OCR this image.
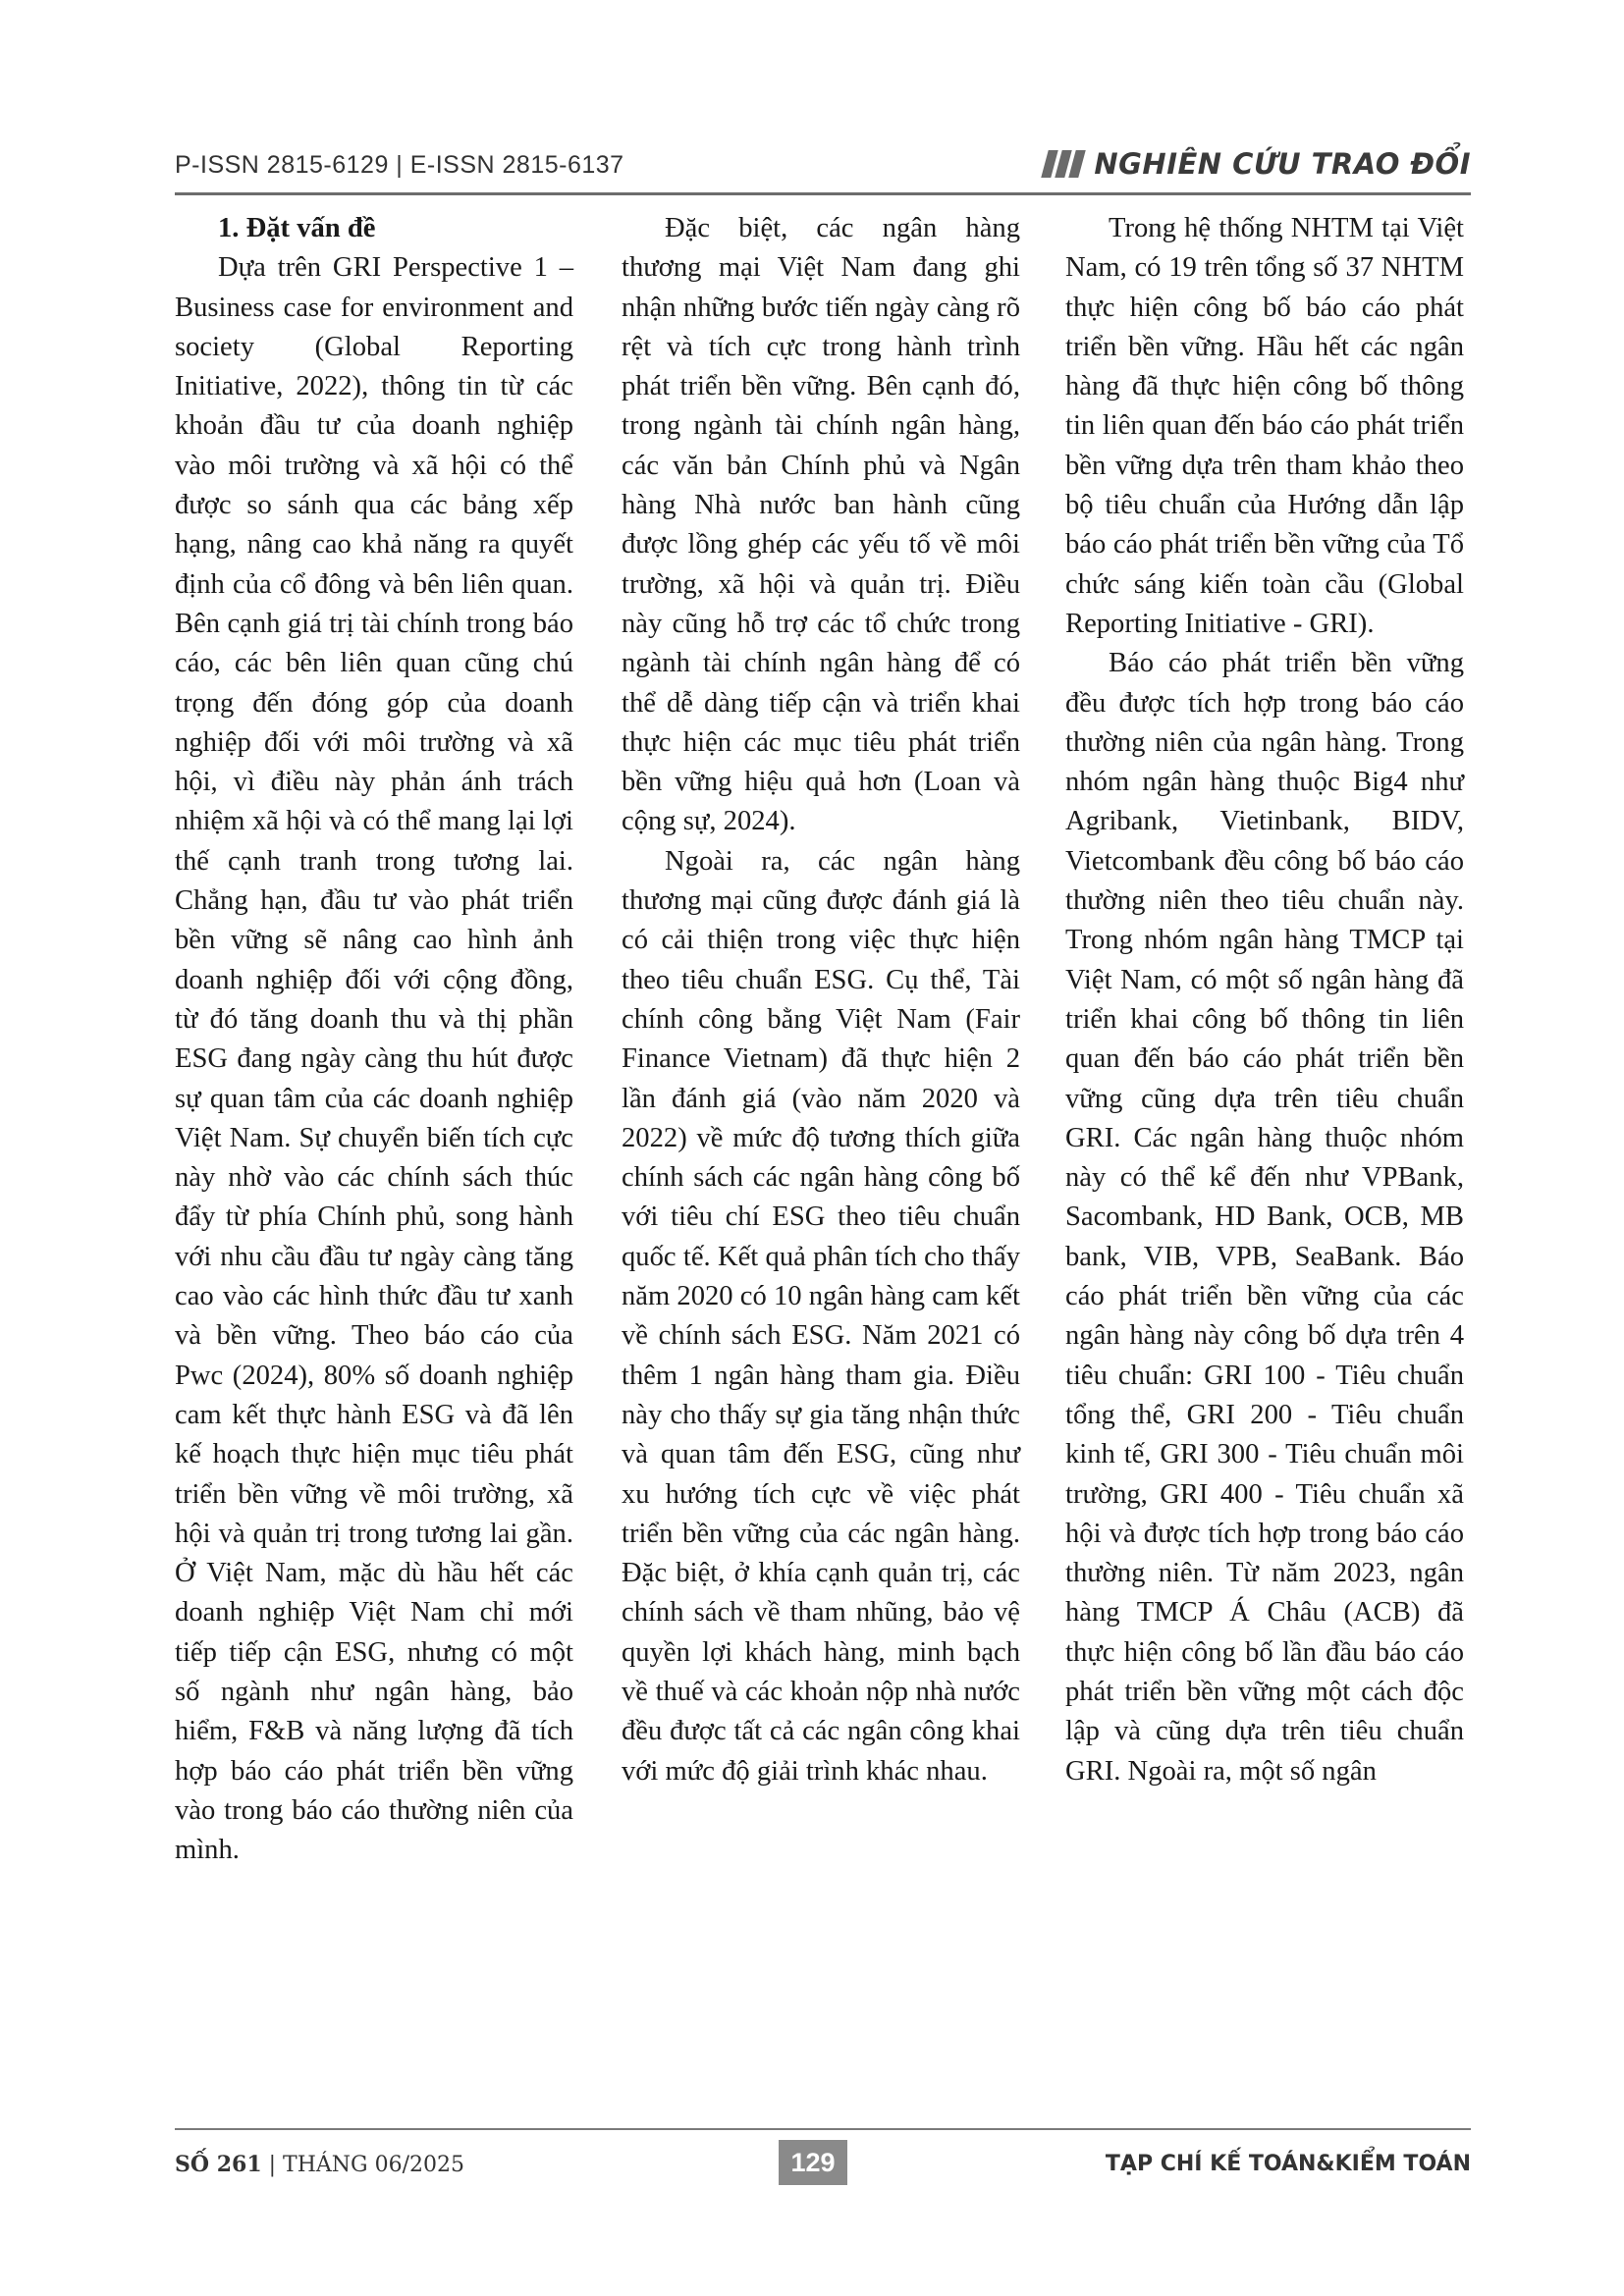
P-ISSN 2815-6129 | E-ISSN 2815-6137	NGHIÊN CỨU TRAO ĐỔI
1. Đặt vấn đề

Dựa trên GRI Perspective 1 – Business case for environment and society (Global Reporting Initiative, 2022), thông tin từ các khoản đầu tư của doanh nghiệp vào môi trường và xã hội có thể được so sánh qua các bảng xếp hạng, nâng cao khả năng ra quyết định của cổ đông và bên liên quan. Bên cạnh giá trị tài chính trong báo cáo, các bên liên quan cũng chú trọng đến đóng góp của doanh nghiệp đối với môi trường và xã hội, vì điều này phản ánh trách nhiệm xã hội và có thể mang lại lợi thế cạnh tranh trong tương lai. Chẳng hạn, đầu tư vào phát triển bền vững sẽ nâng cao hình ảnh doanh nghiệp đối với cộng đồng, từ đó tăng doanh thu và thị phần ESG đang ngày càng thu hút được sự quan tâm của các doanh nghiệp Việt Nam. Sự chuyển biến tích cực này nhờ vào các chính sách thúc đẩy từ phía Chính phủ, song hành với nhu cầu đầu tư ngày càng tăng cao vào các hình thức đầu tư xanh và bền vững. Theo báo cáo của Pwc (2024), 80% số doanh nghiệp cam kết thực hành ESG và đã lên kế hoạch thực hiện mục tiêu phát triển bền vững về môi trường, xã hội và quản trị trong tương lai gần. Ở Việt Nam, mặc dù hầu hết các doanh nghiệp Việt Nam chỉ mới tiếp tiếp cận ESG, nhưng có một số ngành như ngân hàng, bảo hiểm, F&B và năng lượng đã tích hợp báo cáo phát triển bền vững vào trong báo cáo thường niên của mình.

Đặc biệt, các ngân hàng thương mại Việt Nam đang ghi nhận những bước tiến ngày càng rõ rệt và tích cực trong hành trình phát triển bền vững. Bên cạnh đó, trong ngành tài chính ngân hàng, các văn bản Chính phủ và Ngân hàng Nhà nước ban hành cũng được lồng ghép các yếu tố về môi trường, xã hội và quản trị. Điều này cũng hỗ trợ các tổ chức trong ngành tài chính ngân hàng để có thể dễ dàng tiếp cận và triển khai thực hiện các mục tiêu phát triển bền vững hiệu quả hơn (Loan và cộng sự, 2024).

Ngoài ra, các ngân hàng thương mại cũng được đánh giá là có cải thiện trong việc thực hiện theo tiêu chuẩn ESG. Cụ thể, Tài chính công bằng Việt Nam (Fair Finance Vietnam) đã thực hiện 2 lần đánh giá (vào năm 2020 và 2022) về mức độ tương thích giữa chính sách các ngân hàng công bố với tiêu chí ESG theo tiêu chuẩn quốc tế. Kết quả phân tích cho thấy năm 2020 có 10 ngân hàng cam kết về chính sách ESG. Năm 2021 có thêm 1 ngân hàng tham gia. Điều này cho thấy sự gia tăng nhận thức và quan tâm đến ESG, cũng như xu hướng tích cực về việc phát triển bền vững của các ngân hàng. Đặc biệt, ở khía cạnh quản trị, các chính sách về tham nhũng, bảo vệ quyền lợi khách hàng, minh bạch về thuế và các khoản nộp nhà nước đều được tất cả các ngân công khai với mức độ giải trình khác nhau.

Trong hệ thống NHTM tại Việt Nam, có 19 trên tổng số 37 NHTM thực hiện công bố báo cáo phát triển bền vững. Hầu hết các ngân hàng đã thực hiện công bố thông tin liên quan đến báo cáo phát triển bền vững dựa trên tham khảo theo bộ tiêu chuẩn của Hướng dẫn lập báo cáo phát triển bền vững của Tổ chức sáng kiến toàn cầu (Global Reporting Initiative - GRI).

Báo cáo phát triển bền vững đều được tích hợp trong báo cáo thường niên của ngân hàng. Trong nhóm ngân hàng thuộc Big4 như Agribank, Vietinbank, BIDV, Vietcombank đều công bố báo cáo thường niên theo tiêu chuẩn này. Trong nhóm ngân hàng TMCP tại Việt Nam, có một số ngân hàng đã triển khai công bố thông tin liên quan đến báo cáo phát triển bền vững cũng dựa trên tiêu chuẩn GRI. Các ngân hàng thuộc nhóm này có thể kể đến như VPBank, Sacombank, HD Bank, OCB, MB bank, VIB, VPB, SeaBank. Báo cáo phát triển bền vững của các ngân hàng này công bố dựa trên 4 tiêu chuẩn: GRI 100 - Tiêu chuẩn tổng thể, GRI 200 - Tiêu chuẩn kinh tế, GRI 300 - Tiêu chuẩn môi trường, GRI 400 - Tiêu chuẩn xã hội và được tích hợp trong báo cáo thường niên. Từ năm 2023, ngân hàng TMCP Á Châu (ACB) đã thực hiện công bố lần đầu báo cáo phát triển bền vững một cách độc lập và cũng dựa trên tiêu chuẩn GRI. Ngoài ra, một số ngân

SỐ 261 | THÁNG 06/2025	129	TẠP CHÍ KẾ TOÁN&KIỂM TOÁN
